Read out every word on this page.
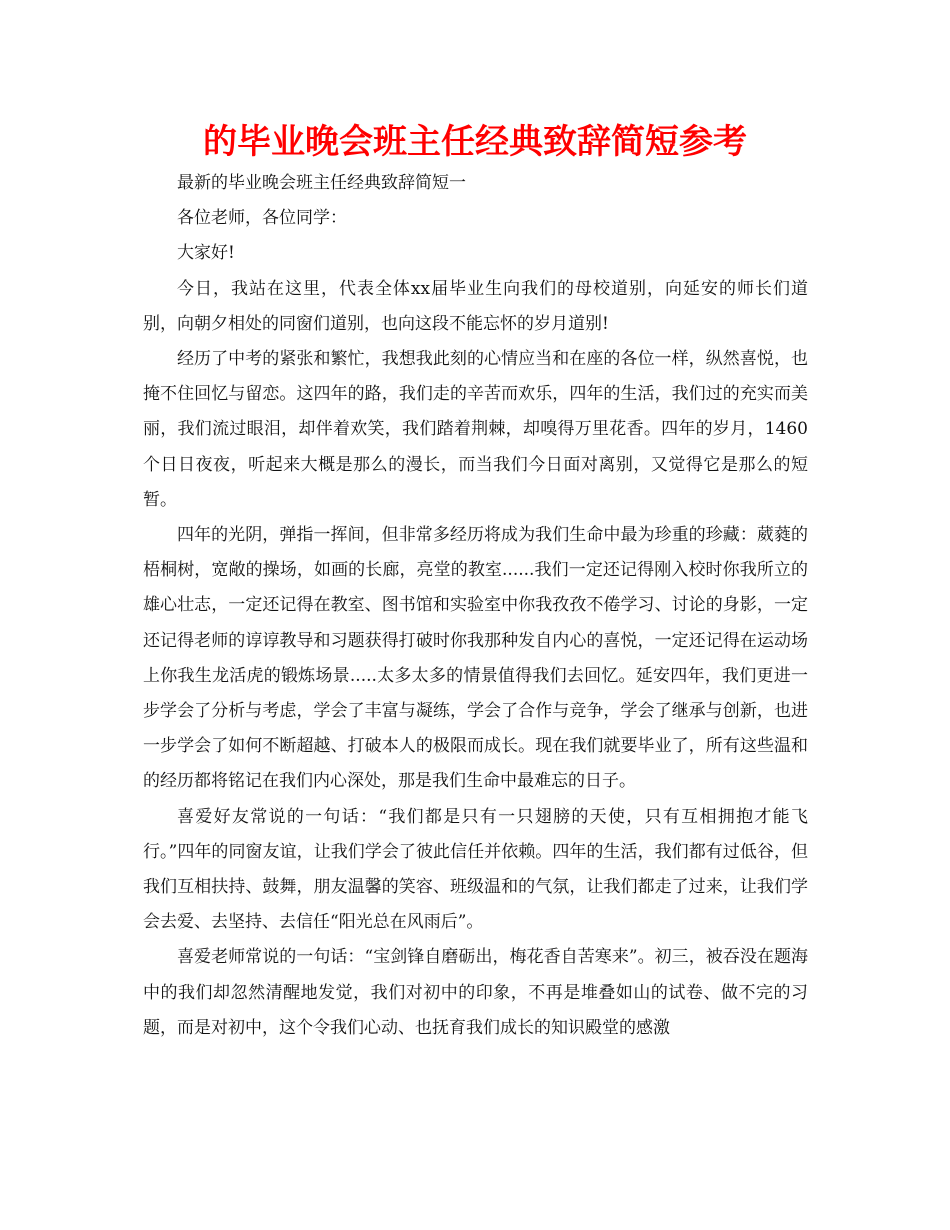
的毕业晚会班主任经典致辞简短参考

最新的毕业晚会班主任经典致辞简短一

各位老师，各位同学：

大家好!

今日，我站在这里，代表全体xx届毕业生向我们的母校道别，向延安的师长们道别，向朝夕相处的同窗们道别，也向这段不能忘怀的岁月道别!

经历了中考的紧张和繁忙，我想我此刻的心情应当和在座的各位一样，纵然喜悦，也掩不住回忆与留恋。这四年的路，我们走的辛苦而欢乐，四年的生活，我们过的充实而美丽，我们流过眼泪，却伴着欢笑，我们踏着荆棘，却嗅得万里花香。四年的岁月，1460个日日夜夜，听起来大概是那么的漫长，而当我们今日面对离别，又觉得它是那么的短暂。

四年的光阴，弹指一挥间，但非常多经历将成为我们生命中最为珍重的珍藏：葳蕤的梧桐树，宽敞的操场，如画的长廊，亮堂的教室......我们一定还记得刚入校时你我所立的雄心壮志，一定还记得在教室、图书馆和实验室中你我孜孜不倦学习、讨论的身影，一定还记得老师的谆谆教导和习题获得打破时你我那种发自内心的喜悦，一定还记得在运动场上你我生龙活虎的锻炼场景.....太多太多的情景值得我们去回忆。延安四年，我们更进一步学会了分析与考虑，学会了丰富与凝练，学会了合作与竞争，学会了继承与创新，也进一步学会了如何不断超越、打破本人的极限而成长。现在我们就要毕业了，所有这些温和的经历都将铭记在我们内心深处，那是我们生命中最难忘的日子。

喜爱好友常说的一句话：“我们都是只有一只翅膀的天使，只有互相拥抱才能飞行。”四年的同窗友谊，让我们学会了彼此信任并依赖。四年的生活，我们都有过低谷，但我们互相扶持、鼓舞，朋友温馨的笑容、班级温和的气氛，让我们都走了过来，让我们学会去爱、去坚持、去信任“阳光总在风雨后”。

喜爱老师常说的一句话：“宝剑锋自磨砺出，梅花香自苦寒来”。初三，被吞没在题海中的我们却忽然清醒地发觉，我们对初中的印象，不再是堆叠如山的试卷、做不完的习题，而是对初中，这个令我们心动、也抚育我们成长的知识殿堂的感激
